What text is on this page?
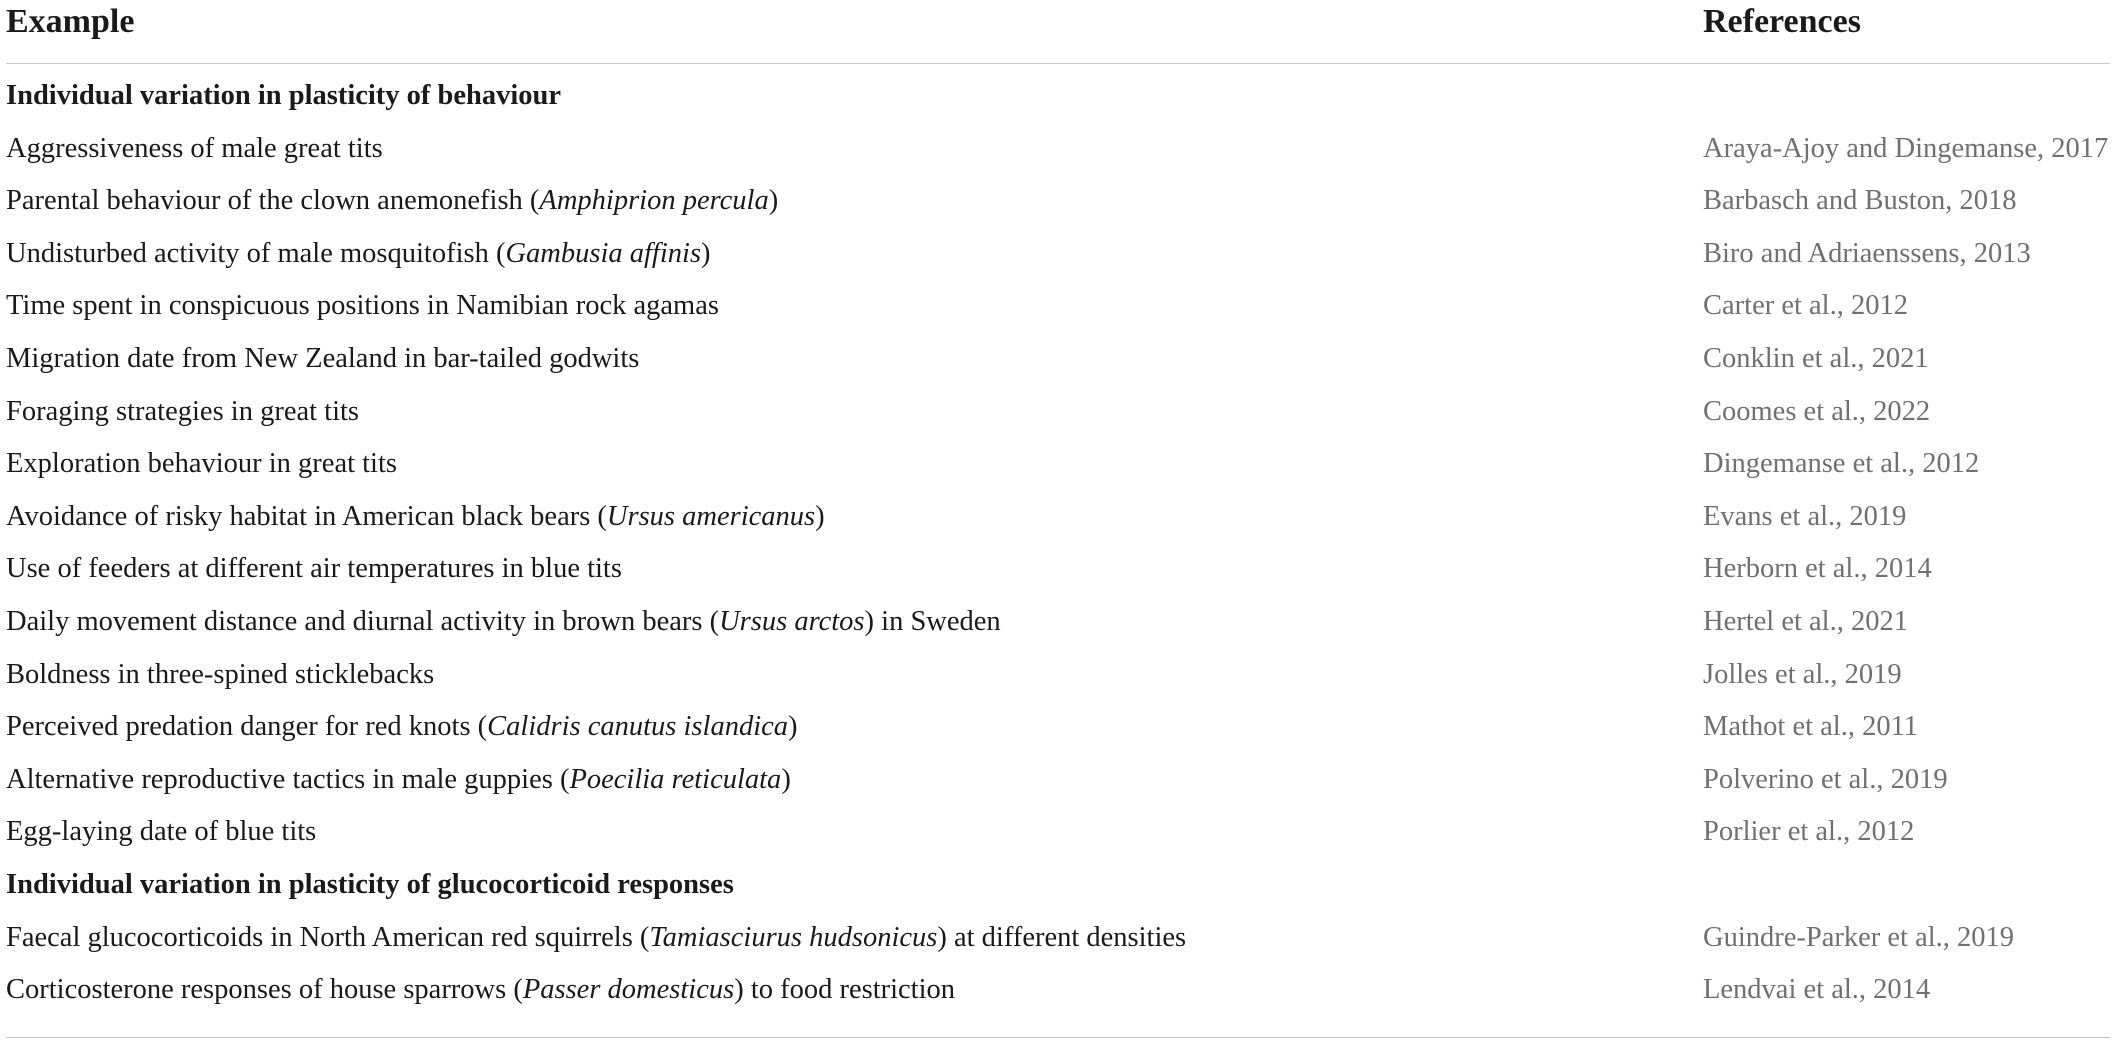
Example	References
Individual variation in plasticity of behaviour
Aggressiveness of male great tits	Araya-Ajoy and Dingemanse, 2017
Parental behaviour of the clown anemonefish (Amphiprion percula)	Barbasch and Buston, 2018
Undisturbed activity of male mosquitofish (Gambusia affinis)	Biro and Adriaenssens, 2013
Time spent in conspicuous positions in Namibian rock agamas	Carter et al., 2012
Migration date from New Zealand in bar-tailed godwits	Conklin et al., 2021
Foraging strategies in great tits	Coomes et al., 2022
Exploration behaviour in great tits	Dingemanse et al., 2012
Avoidance of risky habitat in American black bears (Ursus americanus)	Evans et al., 2019
Use of feeders at different air temperatures in blue tits	Herborn et al., 2014
Daily movement distance and diurnal activity in brown bears (Ursus arctos) in Sweden	Hertel et al., 2021
Boldness in three-spined sticklebacks	Jolles et al., 2019
Perceived predation danger for red knots (Calidris canutus islandica)	Mathot et al., 2011
Alternative reproductive tactics in male guppies (Poecilia reticulata)	Polverino et al., 2019
Egg-laying date of blue tits	Porlier et al., 2012
Individual variation in plasticity of glucocorticoid responses
Faecal glucocorticoids in North American red squirrels (Tamiasciurus hudsonicus) at different densities	Guindre-Parker et al., 2019
Corticosterone responses of house sparrows (Passer domesticus) to food restriction	Lendvai et al., 2014
